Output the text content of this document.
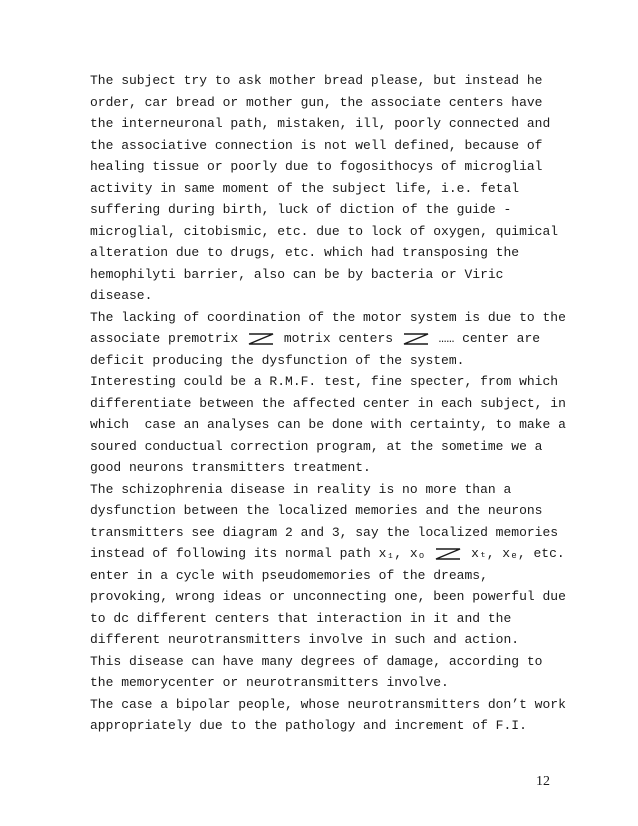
The subject try to ask mother bread please, but instead he

order, car bread or mother gun, the associate centers have

the interneuronal path, mistaken, ill, poorly connected and

the associative connection is not well defined, because of

healing tissue or poorly due to fogosithocys of microglial

activity in same moment of the subject life, i.e. fetal

suffering during birth, luck of diction of the guide -

microglial, citobismic, etc. due to lock of oxygen, quimical

alteration due to drugs, etc. which had transposing the

hemophilyti barrier, also can be by bacteria or Viric

disease.

The lacking of coordination of the motor system is due to the

associate premotrix  motrix centers  …… center are

deficit producing the dysfunction of the system.

Interesting could be a R.M.F. test, fine specter, from which

differentiate between the affected center in each subject, in

which  case an analyses can be done with certainty, to make a

soured conductual correction program, at the sometime we a

good neurons transmitters treatment.

The schizophrenia disease in reality is no more than a

dysfunction between the localized memories and the neurons

transmitters see diagram 2 and 3, say the localized memories

instead of following its normal path x₁, xₒ  xₜ, xₑ, etc.

enter in a cycle with pseudomemories of the dreams,

provoking, wrong ideas or unconnecting one, been powerful due

to dc different centers that interaction in it and the

different neurotransmitters involve in such and action.

This disease can have many degrees of damage, according to

the memorycenter or neurotransmitters involve.

The case a bipolar people, whose neurotransmitters don’t work

appropriately due to the pathology and increment of F.I.

12
